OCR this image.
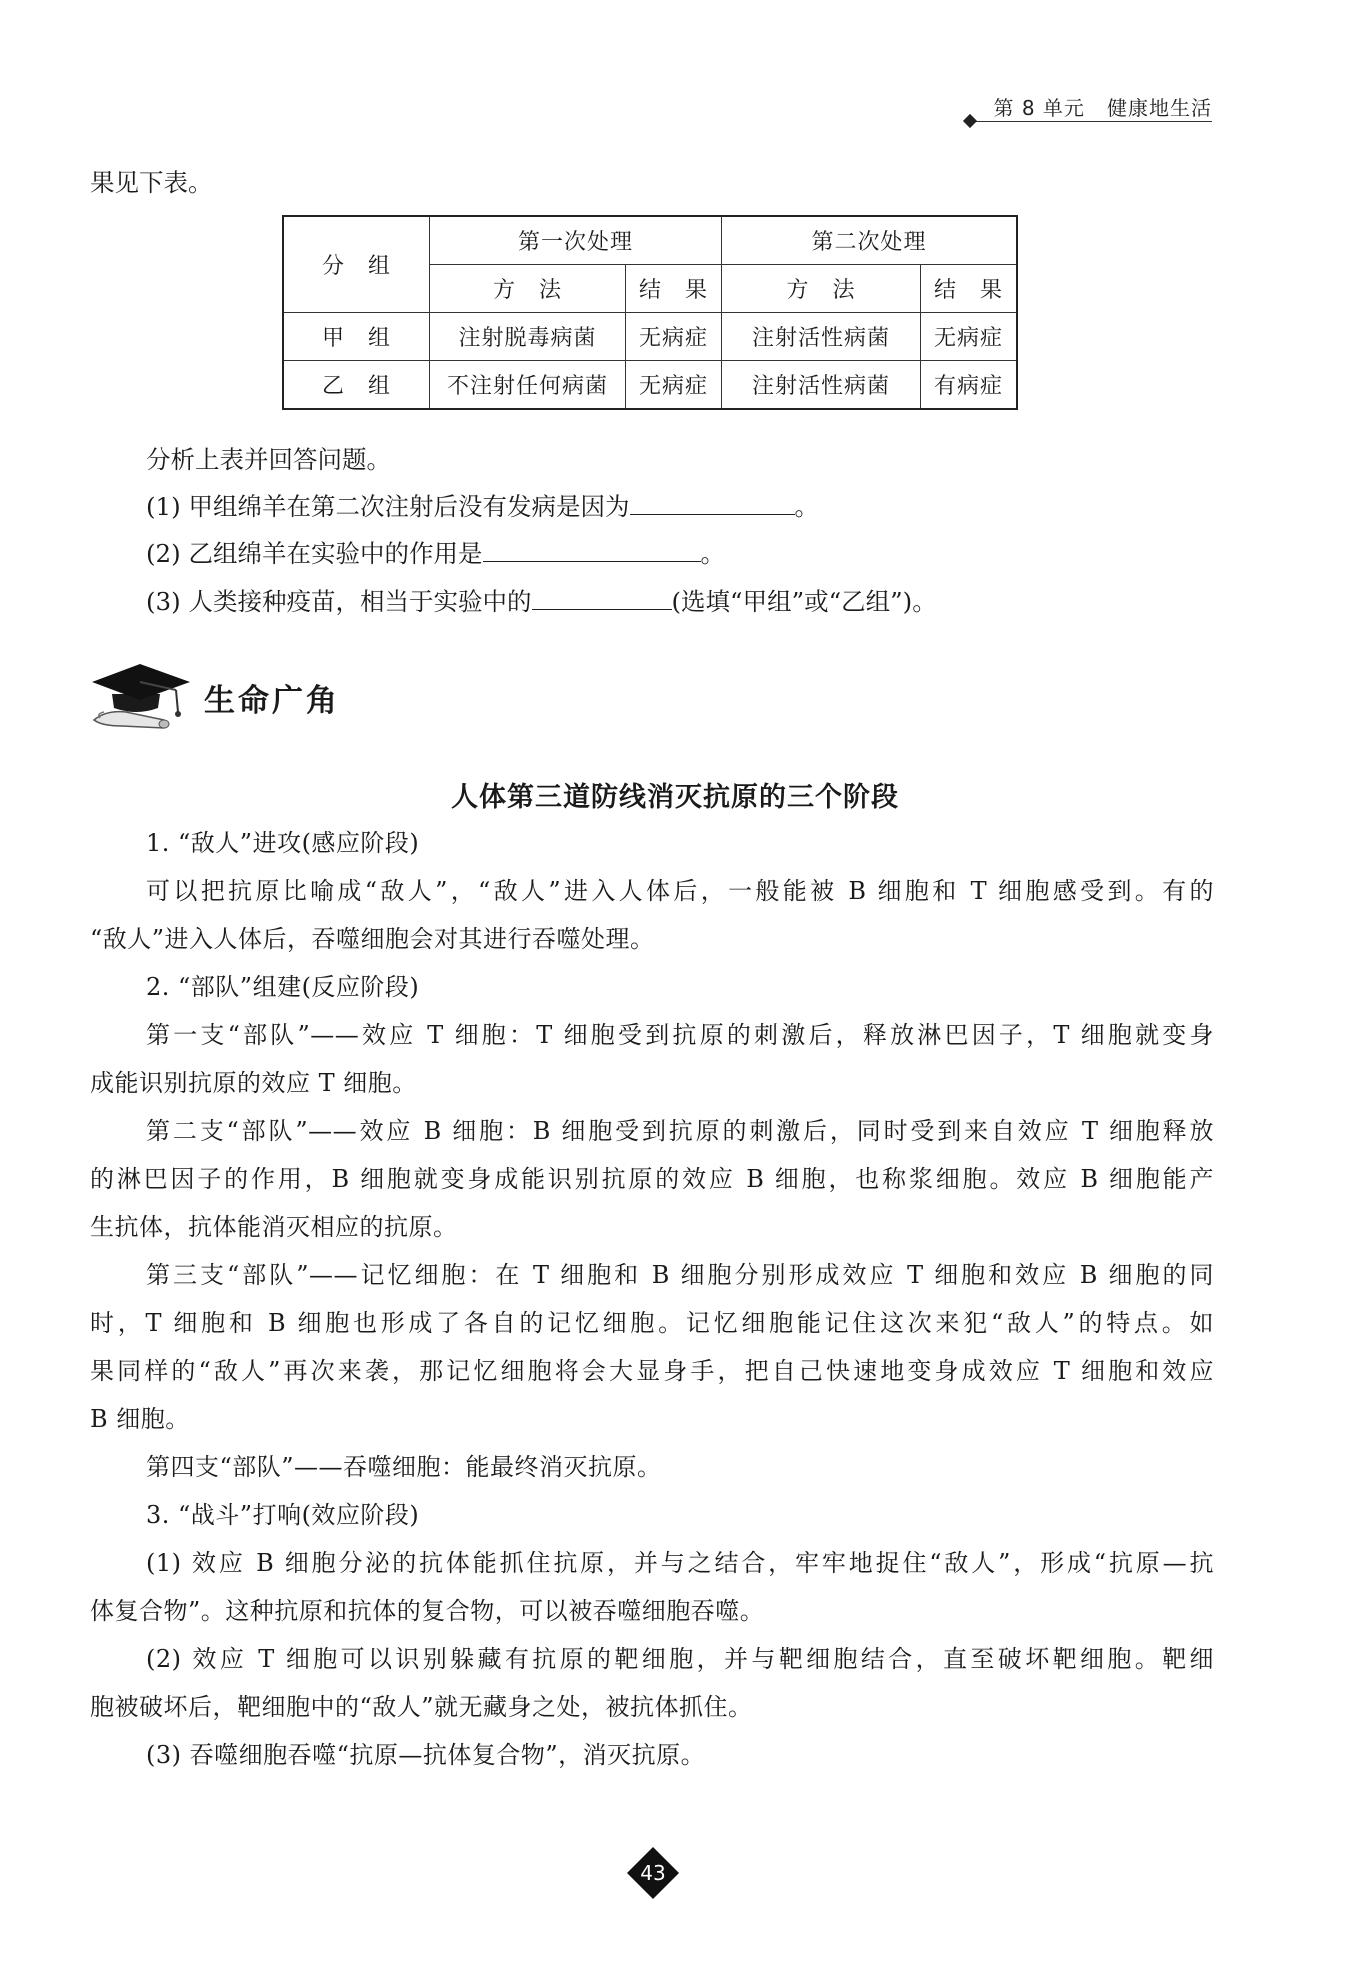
第 8 单元 健康地生活
果见下表。
分　组	第一次处理		第二次处理	
	方　法	结　果	方　法	结　果
甲　组	注射脱毒病菌	无病症	注射活性病菌	无病症
乙　组	不注射任何病菌	无病症	注射活性病菌	有病症
分析上表并回答问题。
(1) 甲组绵羊在第二次注射后没有发病是因为	。
(2) 乙组绵羊在实验中的作用是	。
(3) 人类接种疫苗，相当于实验中的	(选填“甲组”或“乙组”)。
生命广角
人体第三道防线消灭抗原的三个阶段
1. “敌人”进攻(感应阶段)
可以把抗原比喻成“敌人”，“敌人”进入人体后，一般能被 B 细胞和 T 细胞感受到。有的
“敌人”进入人体后，吞噬细胞会对其进行吞噬处理。
2. “部队”组建(反应阶段)
第一支“部队”——效应 T 细胞：T 细胞受到抗原的刺激后，释放淋巴因子，T 细胞就变身
成能识别抗原的效应 T 细胞。
第二支“部队”——效应 B 细胞：B 细胞受到抗原的刺激后，同时受到来自效应 T 细胞释放
的淋巴因子的作用，B 细胞就变身成能识别抗原的效应 B 细胞，也称浆细胞。效应 B 细胞能产
生抗体，抗体能消灭相应的抗原。
第三支“部队”——记忆细胞：在 T 细胞和 B 细胞分别形成效应 T 细胞和效应 B 细胞的同
时，T 细胞和 B 细胞也形成了各自的记忆细胞。记忆细胞能记住这次来犯“敌人”的特点。如
果同样的“敌人”再次来袭，那记忆细胞将会大显身手，把自己快速地变身成效应 T 细胞和效应
B 细胞。
第四支“部队”——吞噬细胞：能最终消灭抗原。
3. “战斗”打响(效应阶段)
(1) 效应 B 细胞分泌的抗体能抓住抗原，并与之结合，牢牢地捉住“敌人”，形成“抗原—抗
体复合物”。这种抗原和抗体的复合物，可以被吞噬细胞吞噬。
(2) 效应 T 细胞可以识别躲藏有抗原的靶细胞，并与靶细胞结合，直至破坏靶细胞。靶细
胞被破坏后，靶细胞中的“敌人”就无藏身之处，被抗体抓住。
(3) 吞噬细胞吞噬“抗原—抗体复合物”，消灭抗原。
43
